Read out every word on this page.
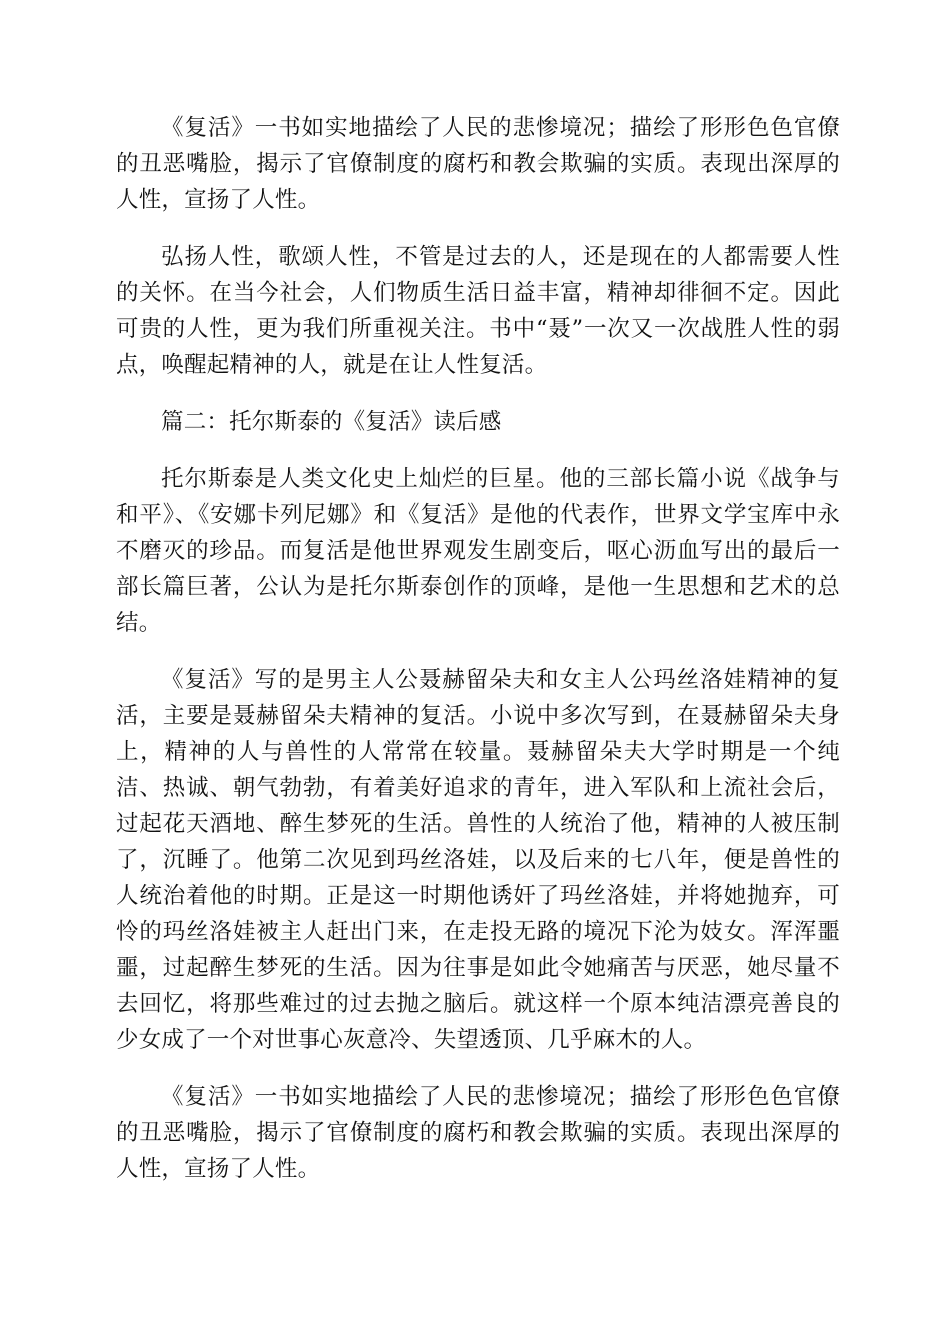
《复活》一书如实地描绘了人民的悲惨境况；描绘了形形色色官僚的丑恶嘴脸，揭示了官僚制度的腐朽和教会欺骗的实质。表现出深厚的人性，宣扬了人性。

弘扬人性，歌颂人性，不管是过去的人，还是现在的人都需要人性的关怀。在当今社会，人们物质生活日益丰富，精神却徘徊不定。因此可贵的人性，更为我们所重视关注。书中“聂”一次又一次战胜人性的弱点，唤醒起精神的人，就是在让人性复活。

篇二：托尔斯泰的《复活》读后感

托尔斯泰是人类文化史上灿烂的巨星。他的三部长篇小说《战争与和平》、《安娜卡列尼娜》和《复活》是他的代表作，世界文学宝库中永不磨灭的珍品。而复活是他世界观发生剧变后，呕心沥血写出的最后一部长篇巨著，公认为是托尔斯泰创作的顶峰，是他一生思想和艺术的总结。

《复活》写的是男主人公聂赫留朵夫和女主人公玛丝洛娃精神的复活，主要是聂赫留朵夫精神的复活。小说中多次写到，在聂赫留朵夫身上，精神的人与兽性的人常常在较量。聂赫留朵夫大学时期是一个纯洁、热诚、朝气勃勃，有着美好追求的青年，进入军队和上流社会后，过起花天酒地、醉生梦死的生活。兽性的人统治了他，精神的人被压制了，沉睡了。他第二次见到玛丝洛娃，以及后来的七八年，便是兽性的人统治着他的时期。正是这一时期他诱奸了玛丝洛娃，并将她抛弃，可怜的玛丝洛娃被主人赶出门来，在走投无路的境况下沦为妓女。浑浑噩噩，过起醉生梦死的生活。因为往事是如此令她痛苦与厌恶，她尽量不去回忆，将那些难过的过去抛之脑后。就这样一个原本纯洁漂亮善良的少女成了一个对世事心灰意冷、失望透顶、几乎麻木的人。

《复活》一书如实地描绘了人民的悲惨境况；描绘了形形色色官僚的丑恶嘴脸，揭示了官僚制度的腐朽和教会欺骗的实质。表现出深厚的人性，宣扬了人性。
